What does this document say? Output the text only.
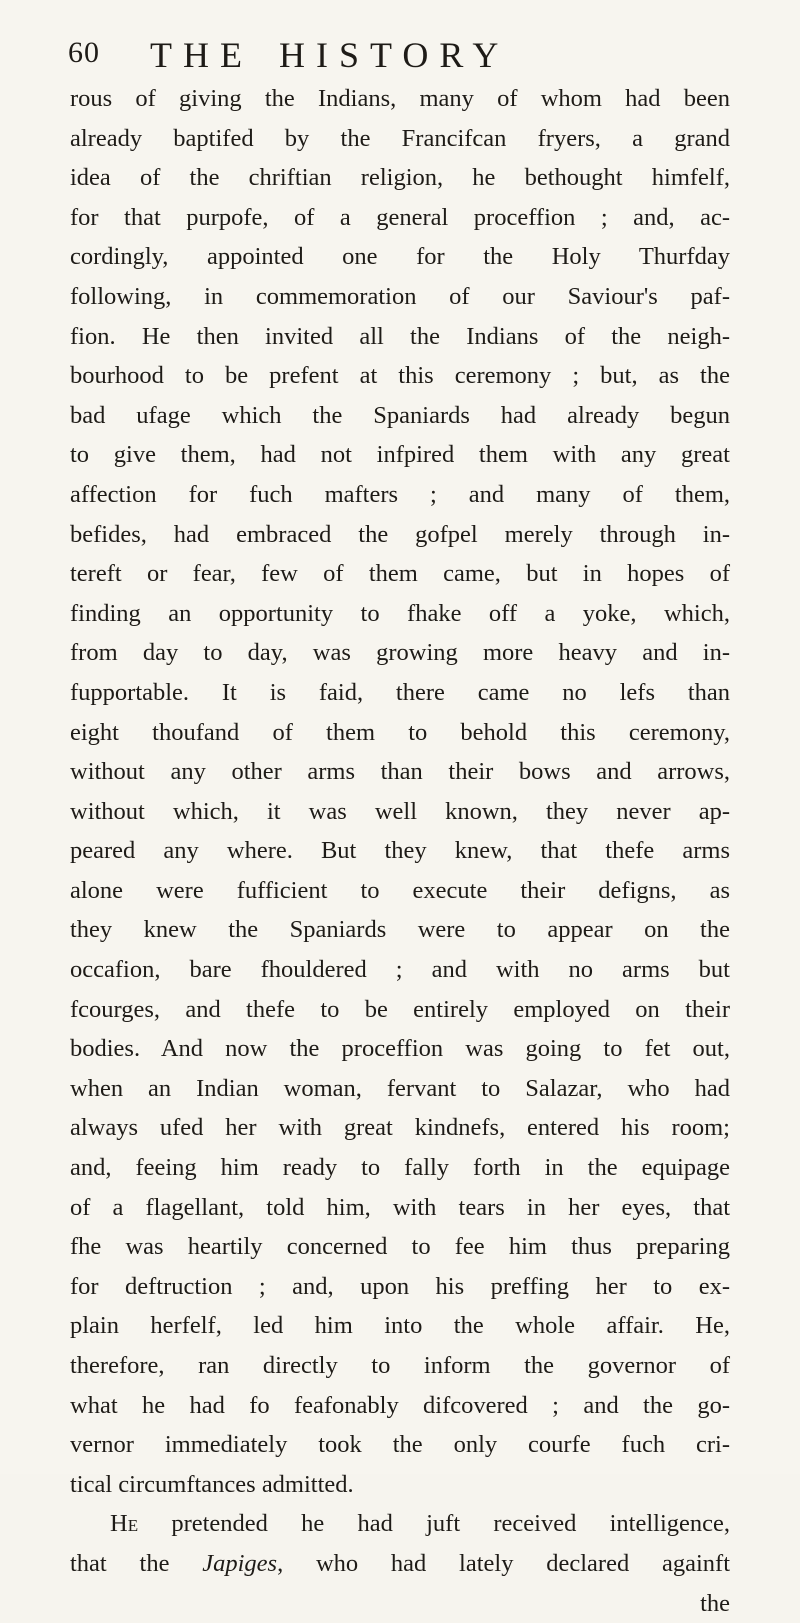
60 THE HISTORY
rous of giving the Indians, many of whom had been
already baptifed by the Francifcan fryers, a grand
idea of the chriftian religion, he bethought himfelf,
for that purpofe, of a general proceffion ; and, ac-
cordingly, appointed one for the Holy Thurfday
following, in commemoration of our Saviour's paf-
fion. He then invited all the Indians of the neigh-
bourhood to be prefent at this ceremony ; but, as the
bad ufage which the Spaniards had already begun
to give them, had not infpired them with any great
affection for fuch mafters ; and many of them,
befides, had embraced the gofpel merely through in-
tereft or fear, few of them came, but in hopes of
finding an opportunity to fhake off a yoke, which,
from day to day, was growing more heavy and in-
fupportable. It is faid, there came no lefs than
eight thoufand of them to behold this ceremony,
without any other arms than their bows and arrows,
without which, it was well known, they never ap-
peared any where. But they knew, that thefe arms
alone were fufficient to execute their defigns, as
they knew the Spaniards were to appear on the
occafion, bare fhouldered ; and with no arms but
fcourges, and thefe to be entirely employed on their
bodies. And now the proceffion was going to fet out,
when an Indian woman, fervant to Salazar, who had
always ufed her with great kindnefs, entered his room;
and, feeing him ready to fally forth in the equipage
of a flagellant, told him, with tears in her eyes, that
fhe was heartily concerned to fee him thus preparing
for deftruction ; and, upon his preffing her to ex-
plain herfelf, led him into the whole affair. He,
therefore, ran directly to inform the governor of
what he had fo feafonably difcovered ; and the go-
vernor immediately took the only courfe fuch cri-
tical circumftances admitted.
He pretended he had juft received intelligence,
that the Japiges, who had lately declared againft
the
